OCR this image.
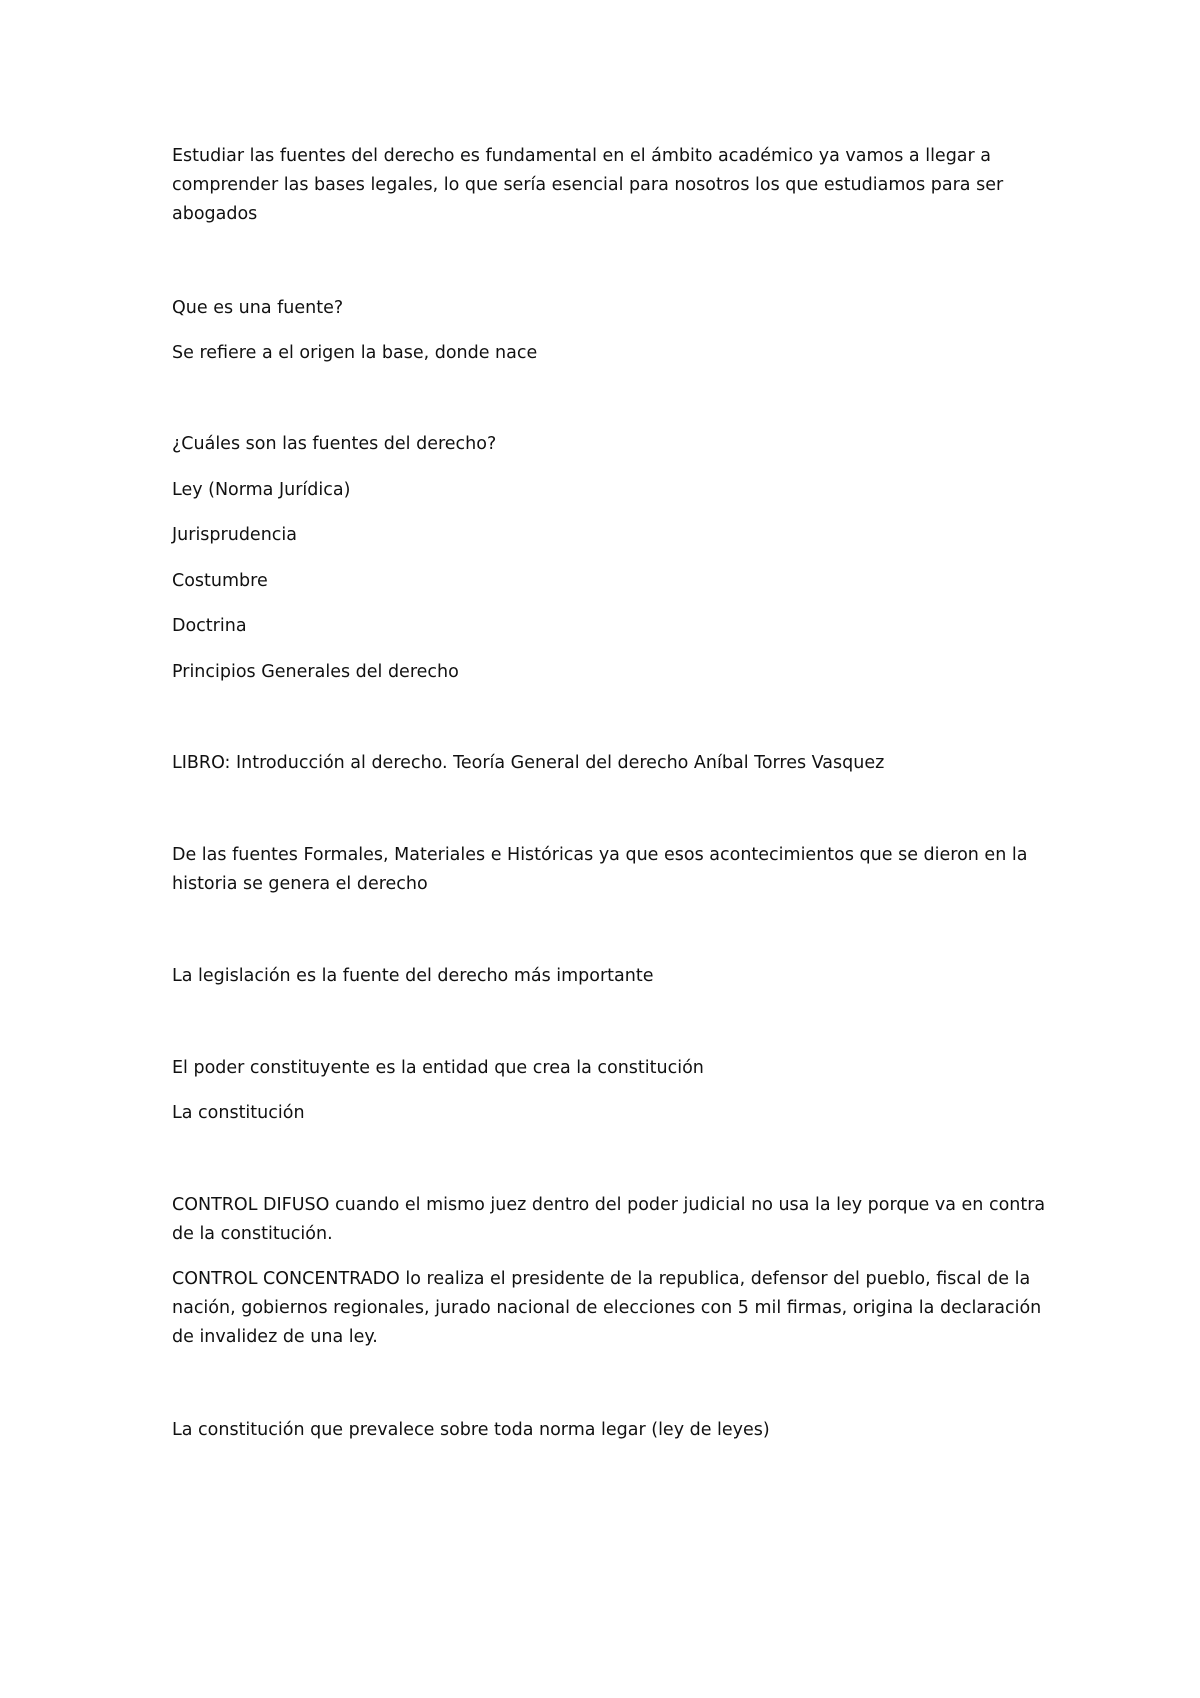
Estudiar las fuentes del derecho es fundamental en el ámbito académico ya vamos a llegar a comprender las bases legales, lo que sería esencial para nosotros los que estudiamos para ser abogados

Que es una fuente?

Se refiere a el origen la base, donde nace

¿Cuáles son las fuentes del derecho?

Ley (Norma Jurídica)

Jurisprudencia

Costumbre

Doctrina

Principios Generales del derecho

LIBRO: Introducción al derecho. Teoría General del derecho Aníbal Torres Vasquez

De las fuentes Formales, Materiales e Históricas ya que esos acontecimientos que se dieron en la historia se genera el derecho

La legislación es la fuente del derecho más importante

El poder constituyente es la entidad que crea la constitución

La constitución

CONTROL DIFUSO cuando el mismo juez dentro del poder judicial no usa la ley porque va en contra de la constitución.

CONTROL CONCENTRADO lo realiza el presidente de la republica, defensor del pueblo, fiscal de la nación, gobiernos regionales, jurado nacional de elecciones con 5 mil firmas, origina la declaración de invalidez de una ley.

La constitución que prevalece sobre toda norma legar (ley de leyes)
